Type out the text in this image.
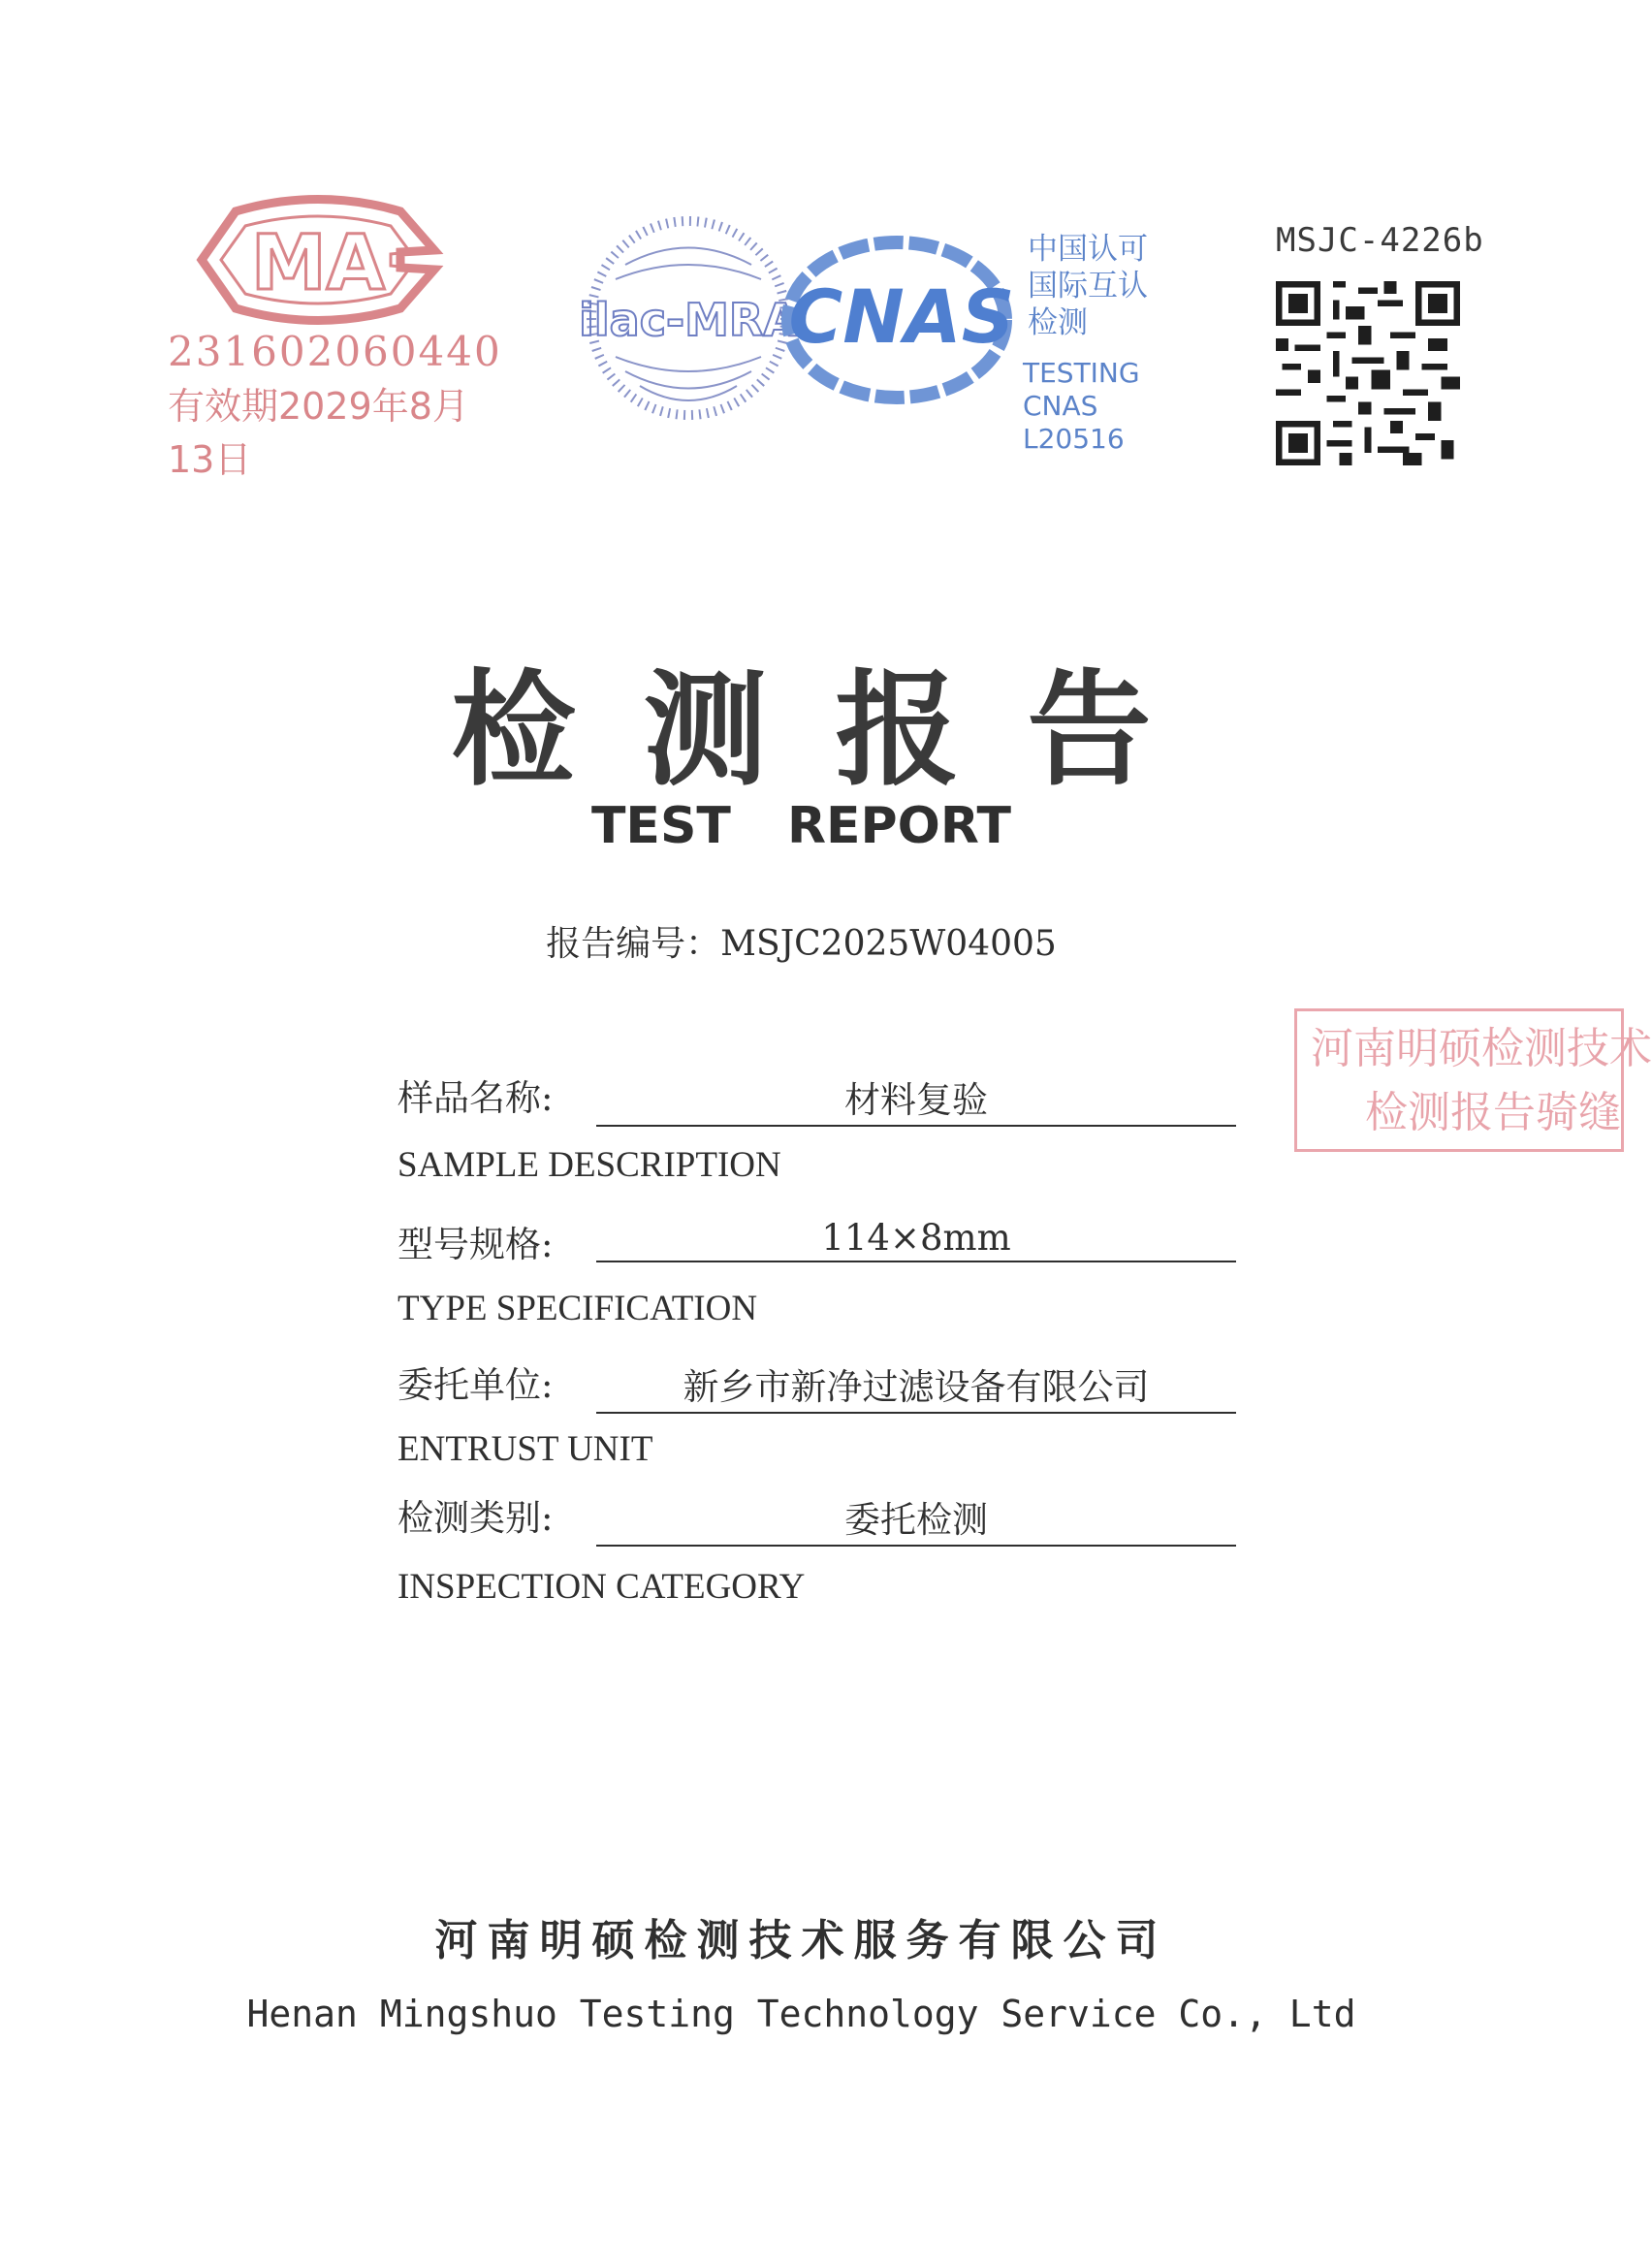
MA
231602060440
有效期2029年8月13日
ilac-MRA
CNAS
中国认可
国际互认
检测
TESTING
CNAS L20516
MSJC-4226b
检测报告
TEST REPORT
报告编号：MSJC2025W04005
河南明硕检测技术
检测报告骑缝
样品名称:	材料复验
SAMPLE DESCRIPTION
型号规格:	114×8mm
TYPE SPECIFICATION
委托单位:	新乡市新净过滤设备有限公司
ENTRUST UNIT
检测类别:	委托检测
INSPECTION CATEGORY
河南明硕检测技术服务有限公司
Henan Mingshuo Testing Technology Service Co., Ltd
